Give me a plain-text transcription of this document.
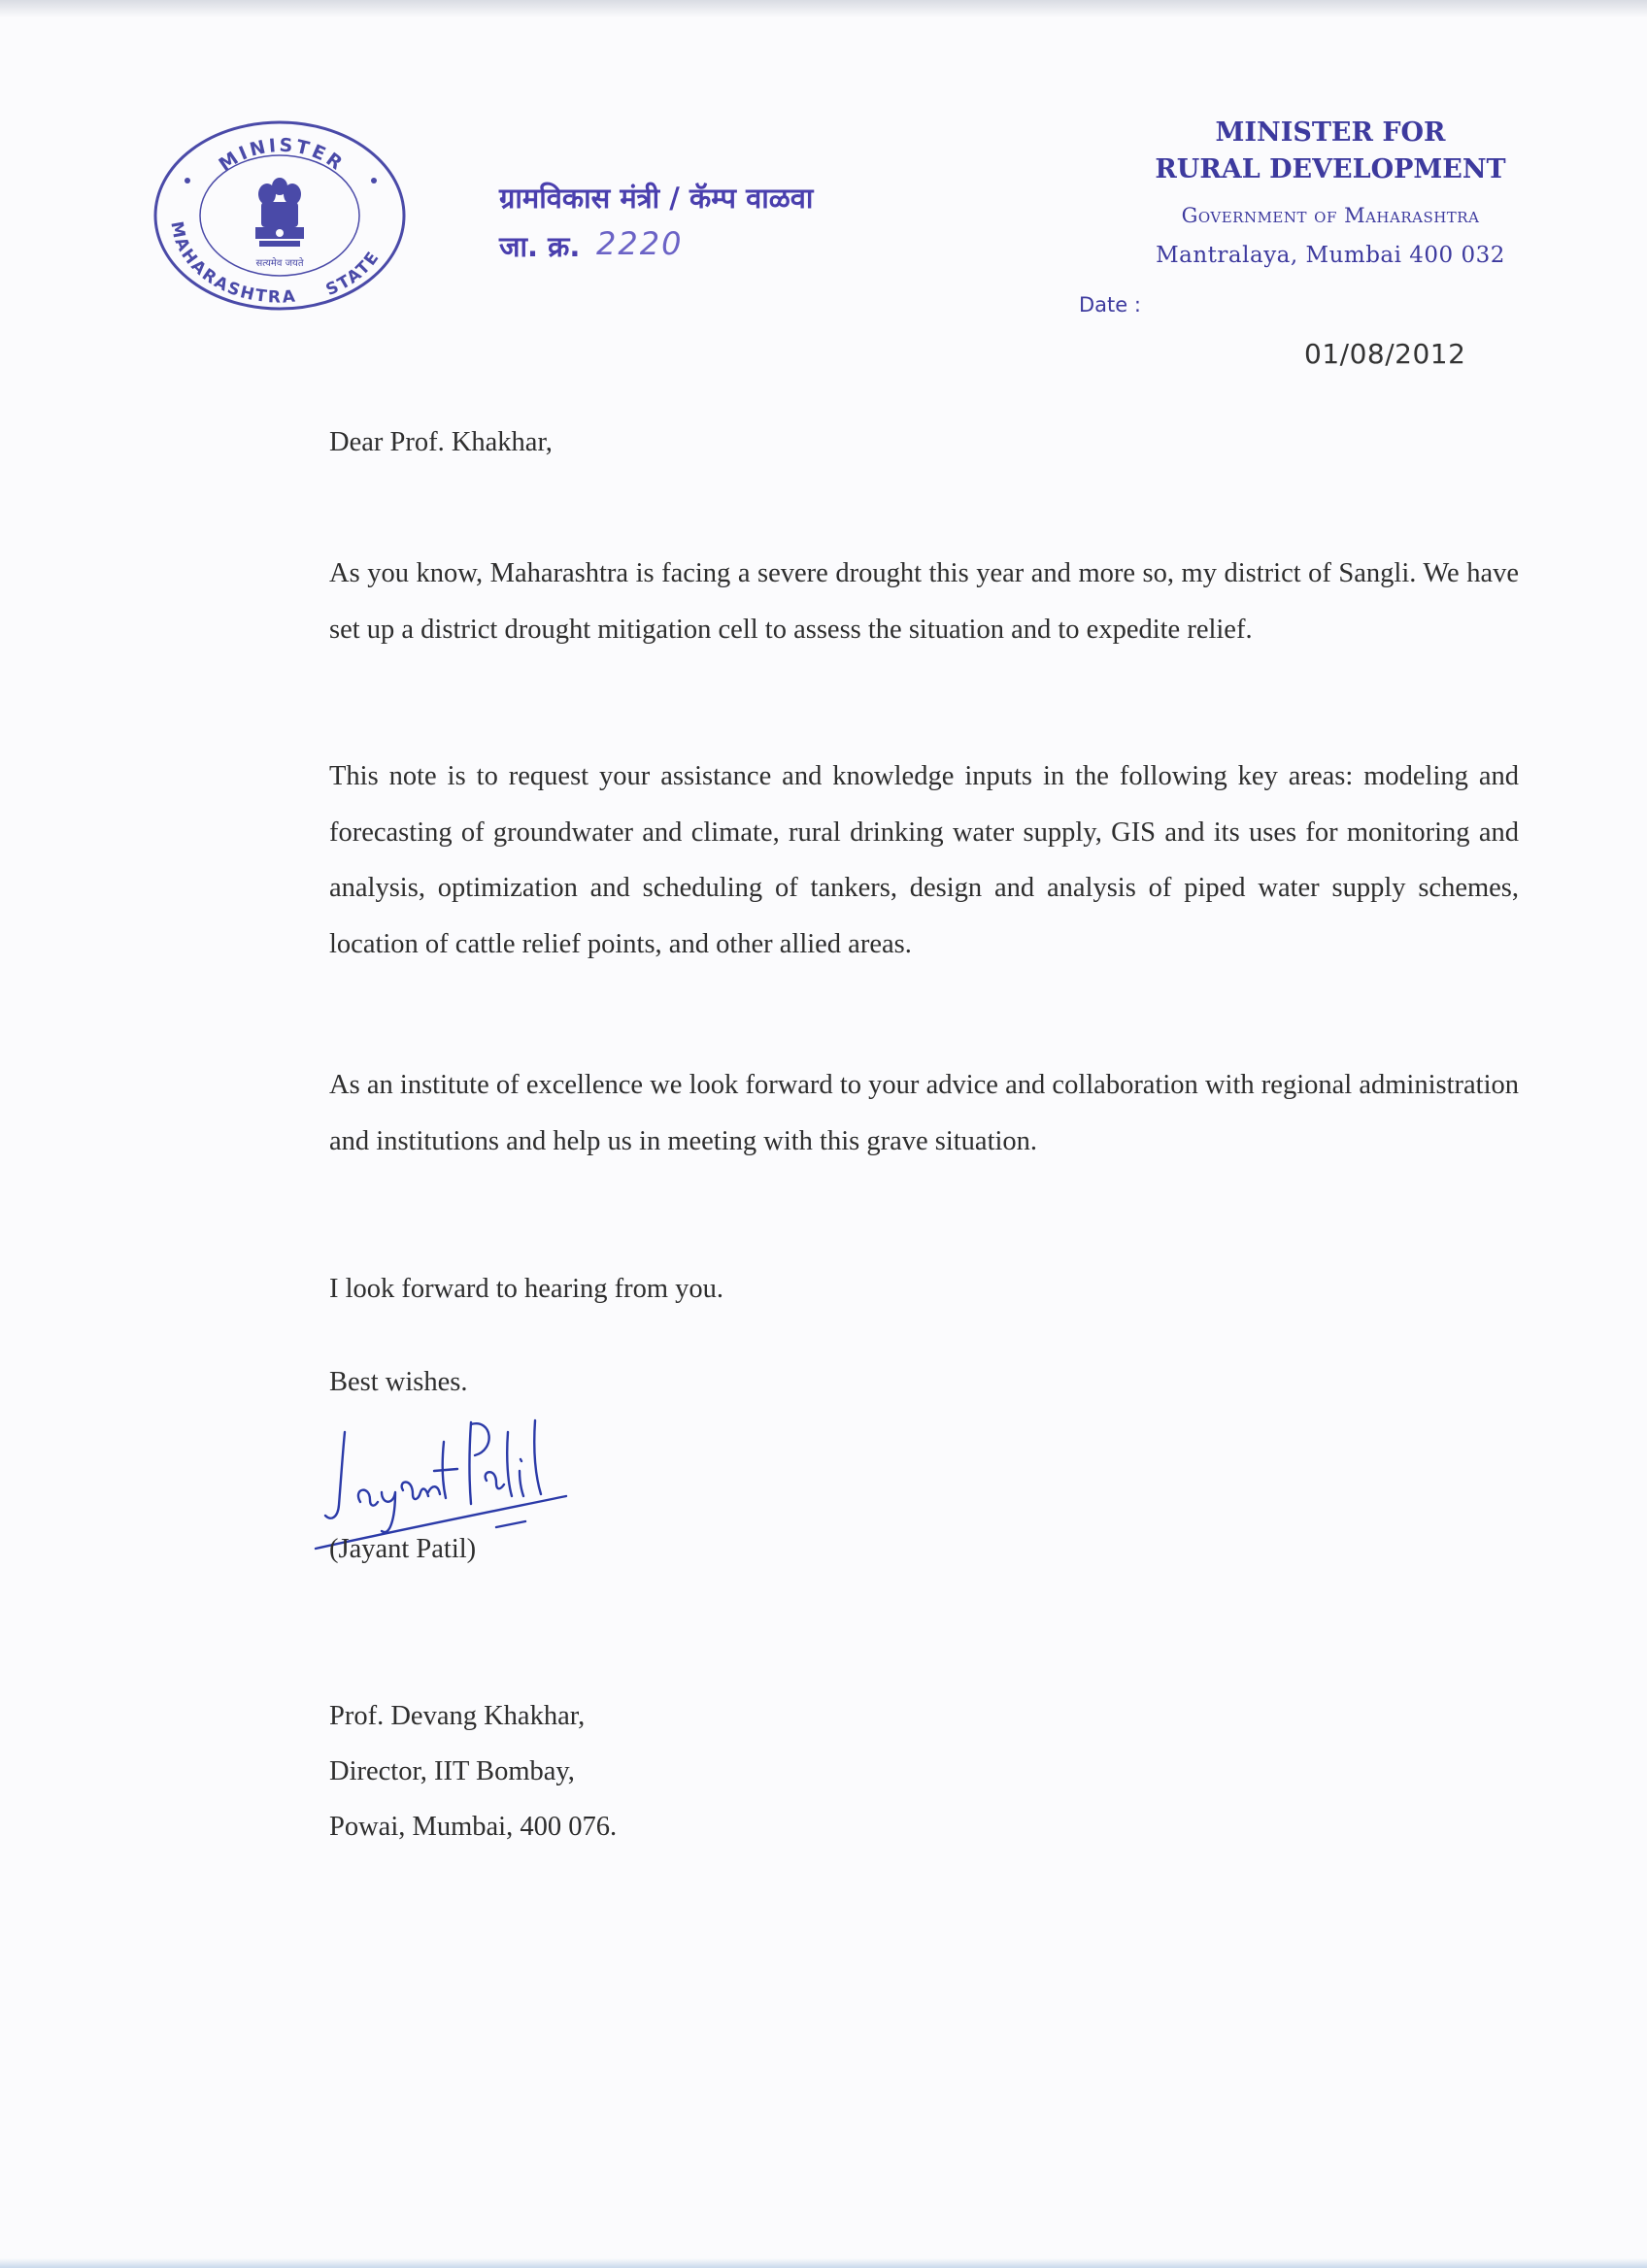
MINISTER
MAHARASHTRA STATE
सत्यमेव जयते
ग्रामविकास मंत्री / कॅम्प वाळवा
जा. क्र. 2220
MINISTER FOR
RURAL DEVELOPMENT
Government of Maharashtra
Mantralaya, Mumbai 400 032
Date :
01/08/2012
Dear Prof. Khakhar,
As you know, Maharashtra is facing a severe drought this year and more so, my district of Sangli. We have set up a district drought mitigation cell to assess the situation and to expedite relief.
This note is to request your assistance and knowledge inputs in the following key areas: modeling and forecasting of groundwater and climate, rural drinking water supply, GIS and its uses for monitoring and analysis, optimization and scheduling of tankers, design and analysis of piped water supply schemes, location of cattle relief points, and other allied areas.
As an institute of excellence we look forward to your advice and collaboration with regional administration and institutions and help us in meeting with this grave situation.
I look forward to hearing from you.
Best wishes.
(Jayant Patil)
Prof. Devang Khakhar,
Director, IIT Bombay,
Powai, Mumbai, 400 076.
